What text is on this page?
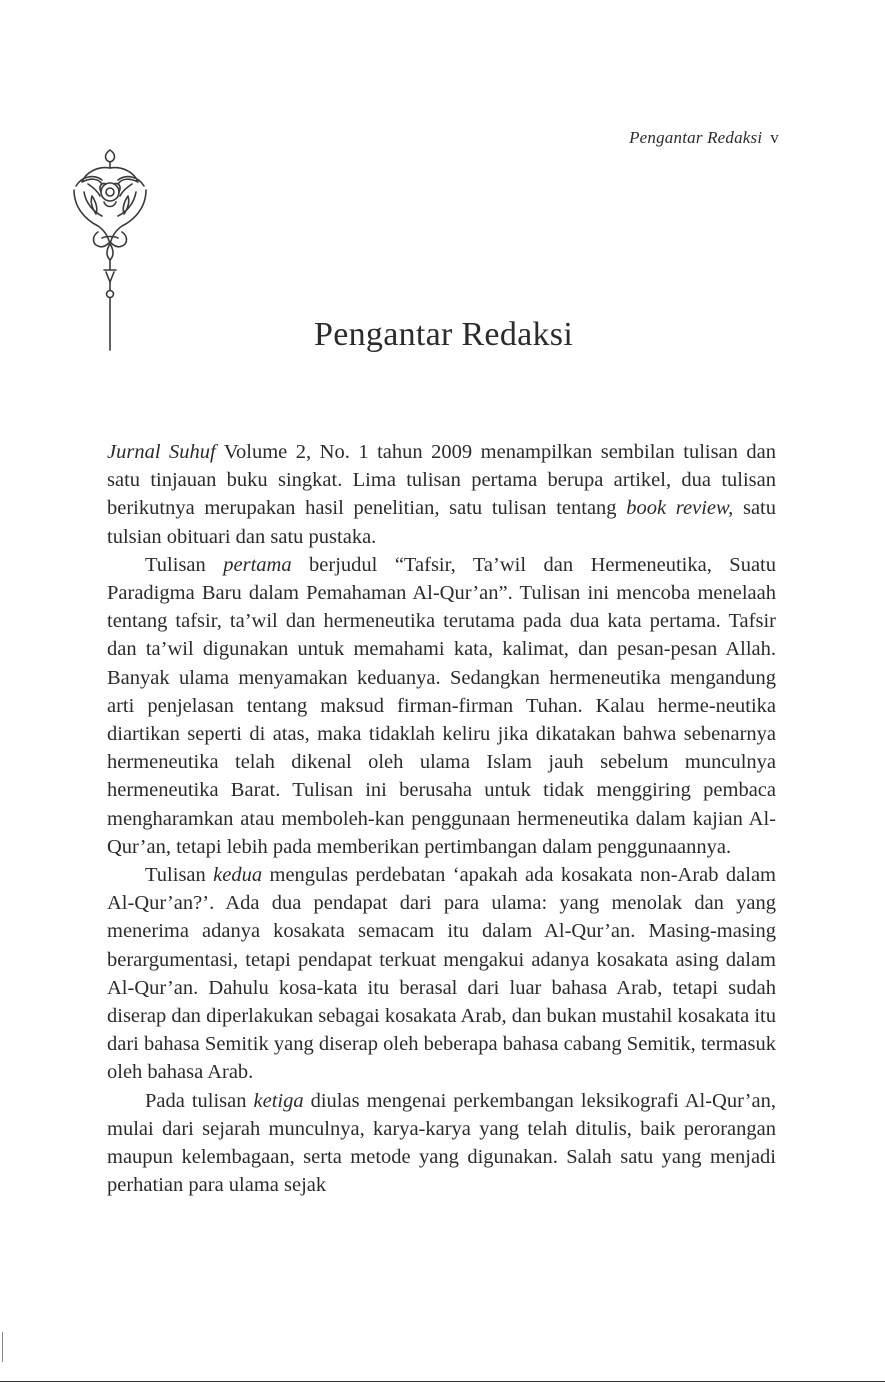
Pengantar Redaksi v
Pengantar Redaksi

Jurnal Suhuf Volume 2, No. 1 tahun 2009 menampilkan sembilan tulisan dan satu tinjauan buku singkat. Lima tulisan pertama berupa artikel, dua tulisan berikutnya merupakan hasil penelitian, satu tulisan tentang book review, satu tulsian obituari dan satu pustaka.

Tulisan pertama berjudul “Tafsir, Ta’wil dan Hermeneutika, Suatu Paradigma Baru dalam Pemahaman Al-Qur’an”. Tulisan ini mencoba menelaah tentang tafsir, ta’wil dan hermeneutika terutama pada dua kata pertama. Tafsir dan ta’wil digunakan untuk memahami kata, kalimat, dan pesan-pesan Allah. Banyak ulama menyamakan keduanya. Sedangkan hermeneutika mengandung arti penjelasan tentang maksud firman-firman Tuhan. Kalau herme-neutika diartikan seperti di atas, maka tidaklah keliru jika dikatakan bahwa sebenarnya hermeneutika telah dikenal oleh ulama Islam jauh sebelum munculnya hermeneutika Barat. Tulisan ini berusaha untuk tidak menggiring pembaca mengharamkan atau memboleh-kan penggunaan hermeneutika dalam kajian Al-Qur’an, tetapi lebih pada memberikan pertimbangan dalam penggunaannya.

Tulisan kedua mengulas perdebatan ‘apakah ada kosakata non-Arab dalam Al-Qur’an?’. Ada dua pendapat dari para ulama: yang menolak dan yang menerima adanya kosakata semacam itu dalam Al-Qur’an. Masing-masing berargumentasi, tetapi pendapat terkuat mengakui adanya kosakata asing dalam Al-Qur’an. Dahulu kosa-kata itu berasal dari luar bahasa Arab, tetapi sudah diserap dan diperlakukan sebagai kosakata Arab, dan bukan mustahil kosakata itu dari bahasa Semitik yang diserap oleh beberapa bahasa cabang Semitik, termasuk oleh bahasa Arab.

Pada tulisan ketiga diulas mengenai perkembangan leksikografi Al-Qur’an, mulai dari sejarah munculnya, karya-karya yang telah ditulis, baik perorangan maupun kelembagaan, serta metode yang digunakan. Salah satu yang menjadi perhatian para ulama sejak
